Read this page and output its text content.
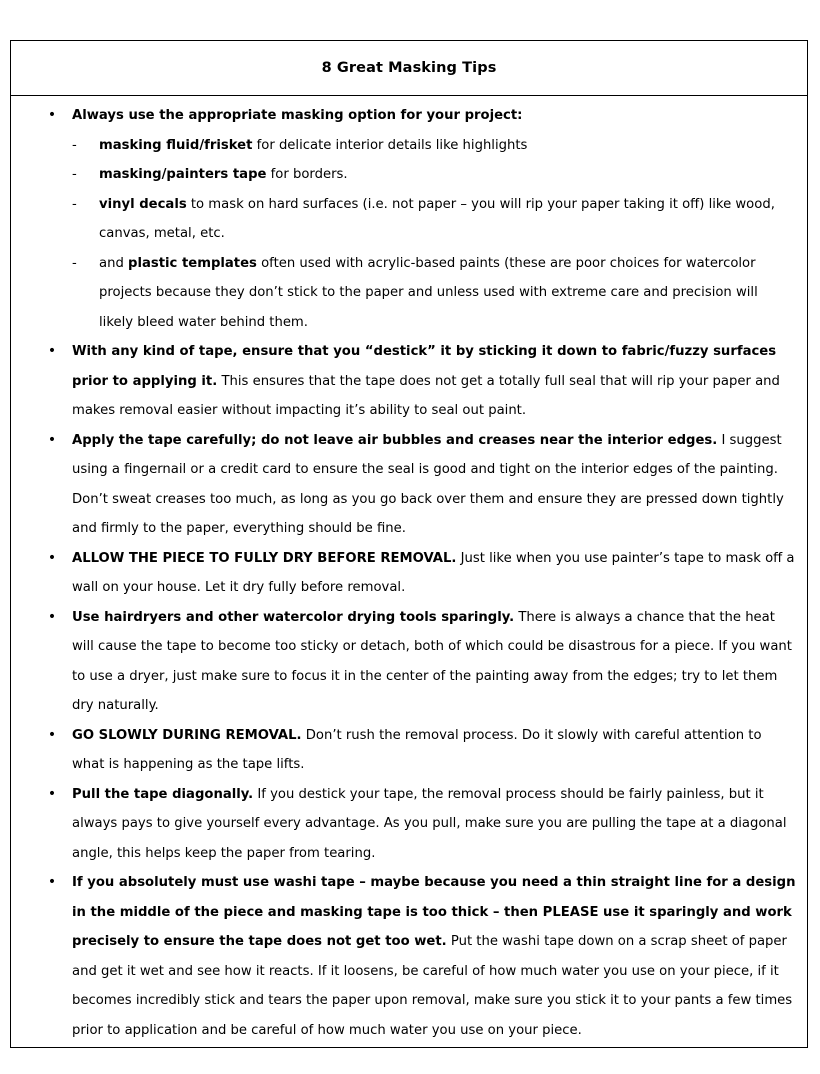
8 Great Masking Tips
• Always use the appropriate masking option for your project:
- masking fluid/frisket for delicate interior details like highlights
- masking/painters tape for borders.
- vinyl decals to mask on hard surfaces (i.e. not paper – you will rip your paper taking it off) like wood, canvas, metal, etc.
- and plastic templates often used with acrylic-based paints (these are poor choices for watercolor projects because they don’t stick to the paper and unless used with extreme care and precision will likely bleed water behind them.
• With any kind of tape, ensure that you “destick” it by sticking it down to fabric/fuzzy surfaces prior to applying it. This ensures that the tape does not get a totally full seal that will rip your paper and makes removal easier without impacting it’s ability to seal out paint.
• Apply the tape carefully; do not leave air bubbles and creases near the interior edges. I suggest using a fingernail or a credit card to ensure the seal is good and tight on the interior edges of the painting. Don’t sweat creases too much, as long as you go back over them and ensure they are pressed down tightly and firmly to the paper, everything should be fine.
• ALLOW THE PIECE TO FULLY DRY BEFORE REMOVAL. Just like when you use painter’s tape to mask off a wall on your house. Let it dry fully before removal.
• Use hairdryers and other watercolor drying tools sparingly. There is always a chance that the heat will cause the tape to become too sticky or detach, both of which could be disastrous for a piece. If you want to use a dryer, just make sure to focus it in the center of the painting away from the edges; try to let them dry naturally.
• GO SLOWLY DURING REMOVAL. Don’t rush the removal process. Do it slowly with careful attention to what is happening as the tape lifts.
• Pull the tape diagonally. If you destick your tape, the removal process should be fairly painless, but it always pays to give yourself every advantage. As you pull, make sure you are pulling the tape at a diagonal angle, this helps keep the paper from tearing.
• If you absolutely must use washi tape – maybe because you need a thin straight line for a design in the middle of the piece and masking tape is too thick – then PLEASE use it sparingly and work precisely to ensure the tape does not get too wet. Put the washi tape down on a scrap sheet of paper and get it wet and see how it reacts. If it loosens, be careful of how much water you use on your piece, if it becomes incredibly stick and tears the paper upon removal, make sure you stick it to your pants a few times prior to application and be careful of how much water you use on your piece.
